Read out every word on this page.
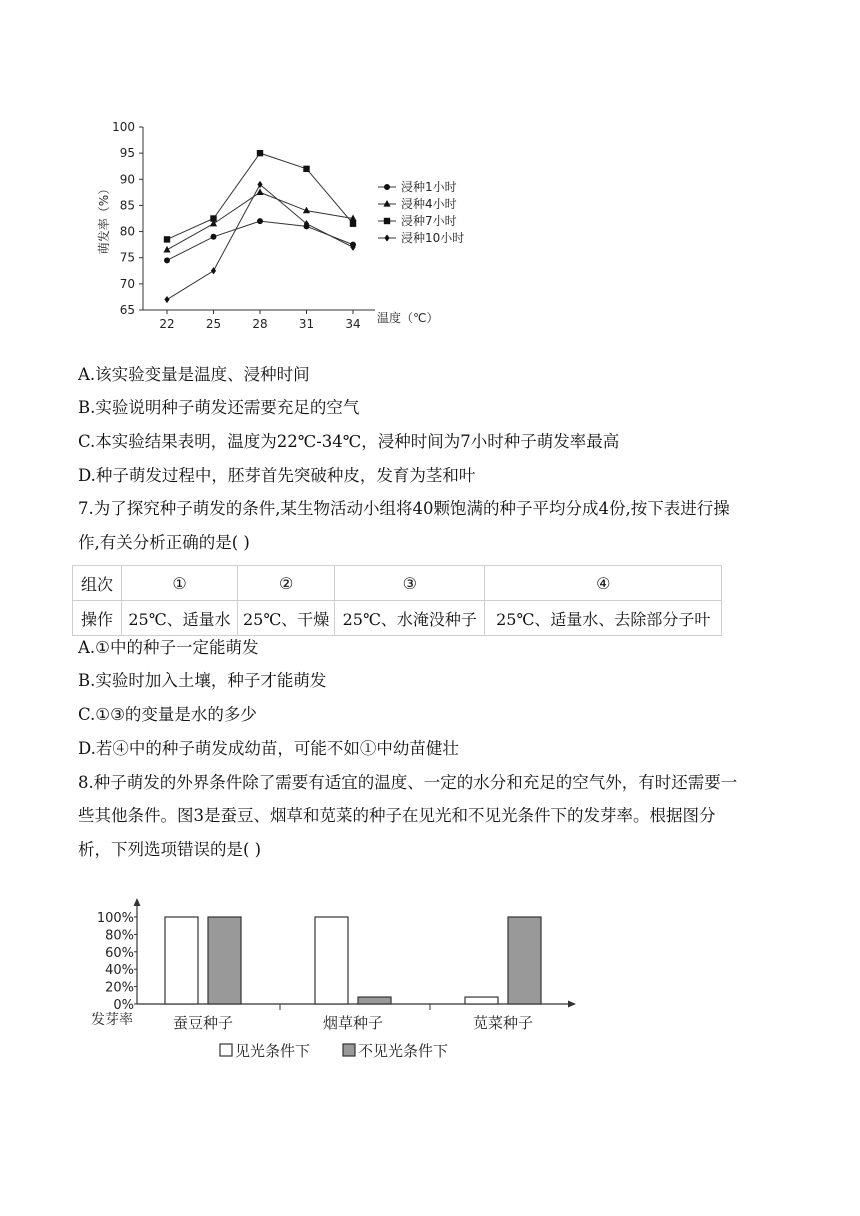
100
95
90
85
80
75
70
65
22	25	28	31	34 温度（℃）
萌发率（%）	浸种1小时
浸种4小时
浸种7小时
浸种10小时
A.该实验变量是温度、浸种时间
B.实验说明种子萌发还需要充足的空气
C.本实验结果表明，温度为22℃-34℃，浸种时间为7小时种子萌发率最高
D.种子萌发过程中，胚芽首先突破种皮，发育为茎和叶
7.为了探究种子萌发的条件,某生物活动小组将40颗饱满的种子平均分成4份,按下表进行操
作,有关分析正确的是( )
组次	①	②	③	④
操作	25℃、适量水	25℃、干燥	25℃、水淹没种子	25℃、适量水、去除部分子叶
A.①中的种子一定能萌发
B.实验时加入土壤，种子才能萌发
C.①③的变量是水的多少
D.若④中的种子萌发成幼苗，可能不如①中幼苗健壮
8.种子萌发的外界条件除了需要有适宜的温度、一定的水分和充足的空气外，有时还需要一
些其他条件。图3是蚕豆、烟草和苋菜的种子在见光和不见光条件下的发芽率。根据图分
析，下列选项错误的是( )
100%
80%
60%
40%
20%
0%
发芽率	蚕豆种子	烟草种子	苋菜种子
见光条件下	不见光条件下
